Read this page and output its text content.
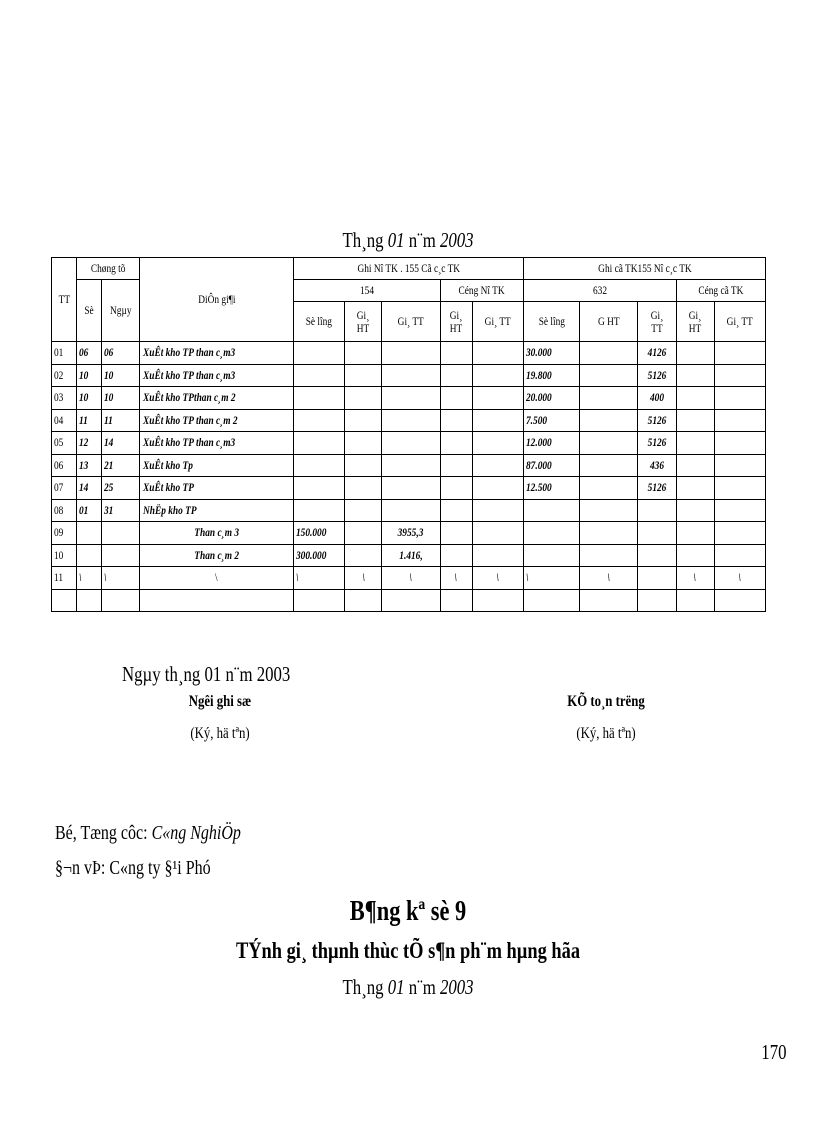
Th¸ng 01 n¨m 2003
TT	Chøng tõ		DiÔn gi¶i	Ghi Nî TK . 155 Cã c¸c TK					Ghi cã TK155 Nî c¸c TK				
	Sè	Ngµy		154			Céng Nî TK		632			Céng cã TK	
				Sè lîng	Gi¸ HT	Gi¸ TT	Gi¸ HT	Gi¸ TT	Sè lîng	G HT	Gi¸ TT	Gi¸ HT	Gi¸ TT
01	06	06	XuÊt kho TP than c¸m3						30.000		4126		
02	10	10	XuÊt kho TP than c¸m3						19.800		5126		
03	10	10	XuÊt kho TPthan c¸m 2						20.000		400		
04	11	11	XuÊt kho TP than c¸m 2						7.500		5126		
05	12	14	XuÊt kho TP than c¸m3						12.000		5126		
06	13	21	XuÊt kho Tp						87.000		436		
07	14	25	XuÊt kho TP						12.500		5126		
08	01	31	NhËp kho TP										
09			Than c¸m 3	150.000		3955,3							
10			Than c¸m 2	300.000		1.416,							
11	\	\	\	\	\	\	\	\	\	\		\	\

Ngµy th¸ng 01 n¨m 2003
Ngêi ghi sæ
(Ký, hä tªn)
KÕ to¸n trëng
(Ký, hä tªn)
Bé, Tæng côc: C«ng NghiÖp
§¬n vÞ: C«ng ty §¹i Phó
B¶ng kª sè 9
TÝnh gi¸ thµnh thùc tÕ s¶n ph¨m hµng hãa
Th¸ng 01 n¨m 2003
170
